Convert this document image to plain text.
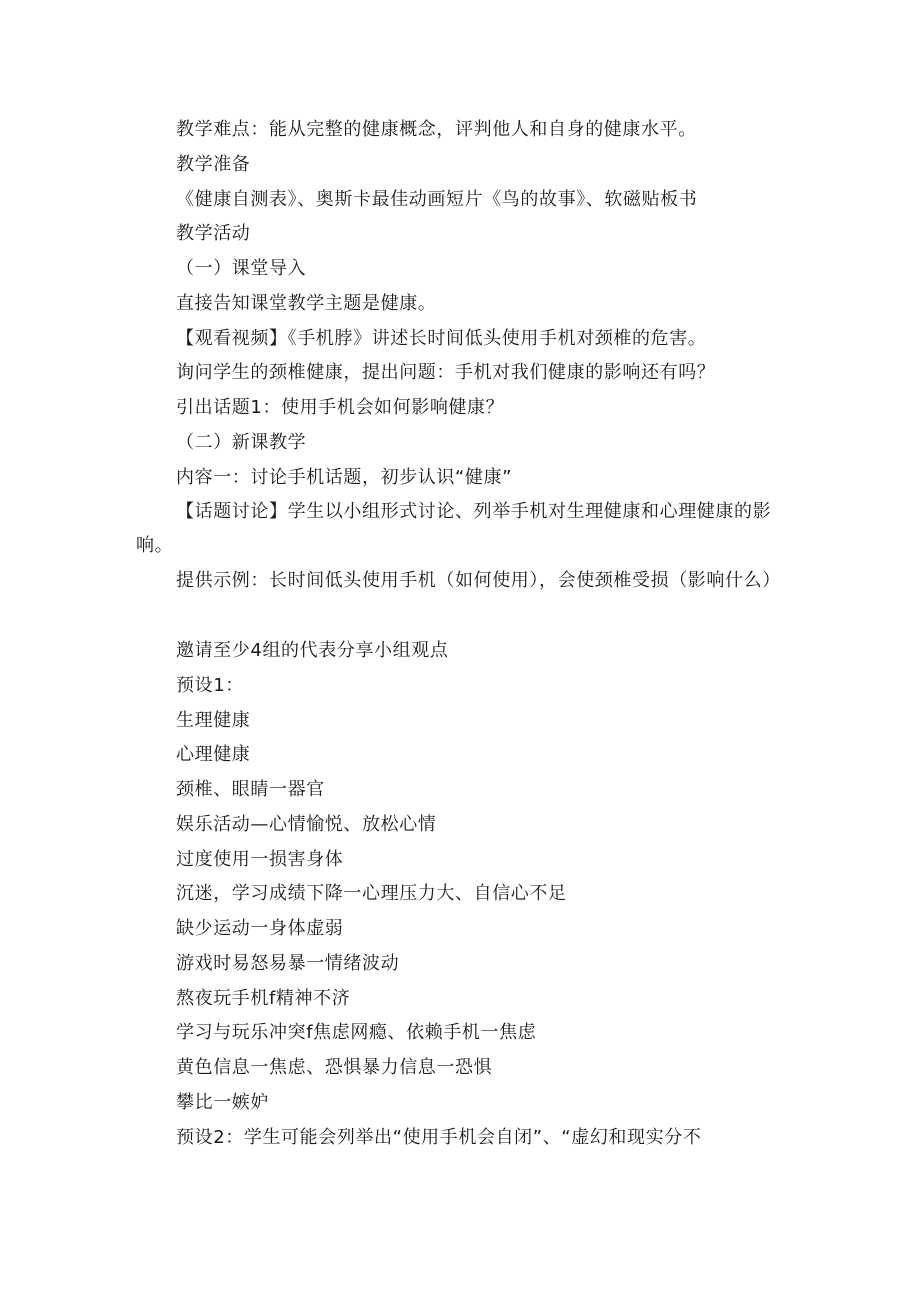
教学难点：能从完整的健康概念，评判他人和自身的健康水平。
教学准备
《健康自测表》、奥斯卡最佳动画短片《鸟的故事》、软磁贴板书
教学活动
（一）课堂导入
直接告知课堂教学主题是健康。
【观看视频】《手机脖》讲述长时间低头使用手机对颈椎的危害。
询问学生的颈椎健康，提出问题：手机对我们健康的影响还有吗？
引出话题1：使用手机会如何影响健康？
（二）新课教学
内容一：讨论手机话题，初步认识“健康”
【话题讨论】学生以小组形式讨论、列举手机对生理健康和心理健康的影响。
提供示例：长时间低头使用手机（如何使用），会使颈椎受损（影响什么）
邀请至少4组的代表分享小组观点
预设1：
生理健康
心理健康
颈椎、眼睛一器官
娱乐活动—心情愉悦、放松心情
过度使用一损害身体
沉迷，学习成绩下降一心理压力大、自信心不足
缺少运动一身体虚弱
游戏时易怒易暴一情绪波动
熬夜玩手机f精神不济
学习与玩乐冲突f焦虑网瘾、依赖手机一焦虑
黄色信息一焦虑、恐惧暴力信息一恐惧
攀比一嫉妒
预设2：学生可能会列举出“使用手机会自闭”、“虚幻和现实分不
